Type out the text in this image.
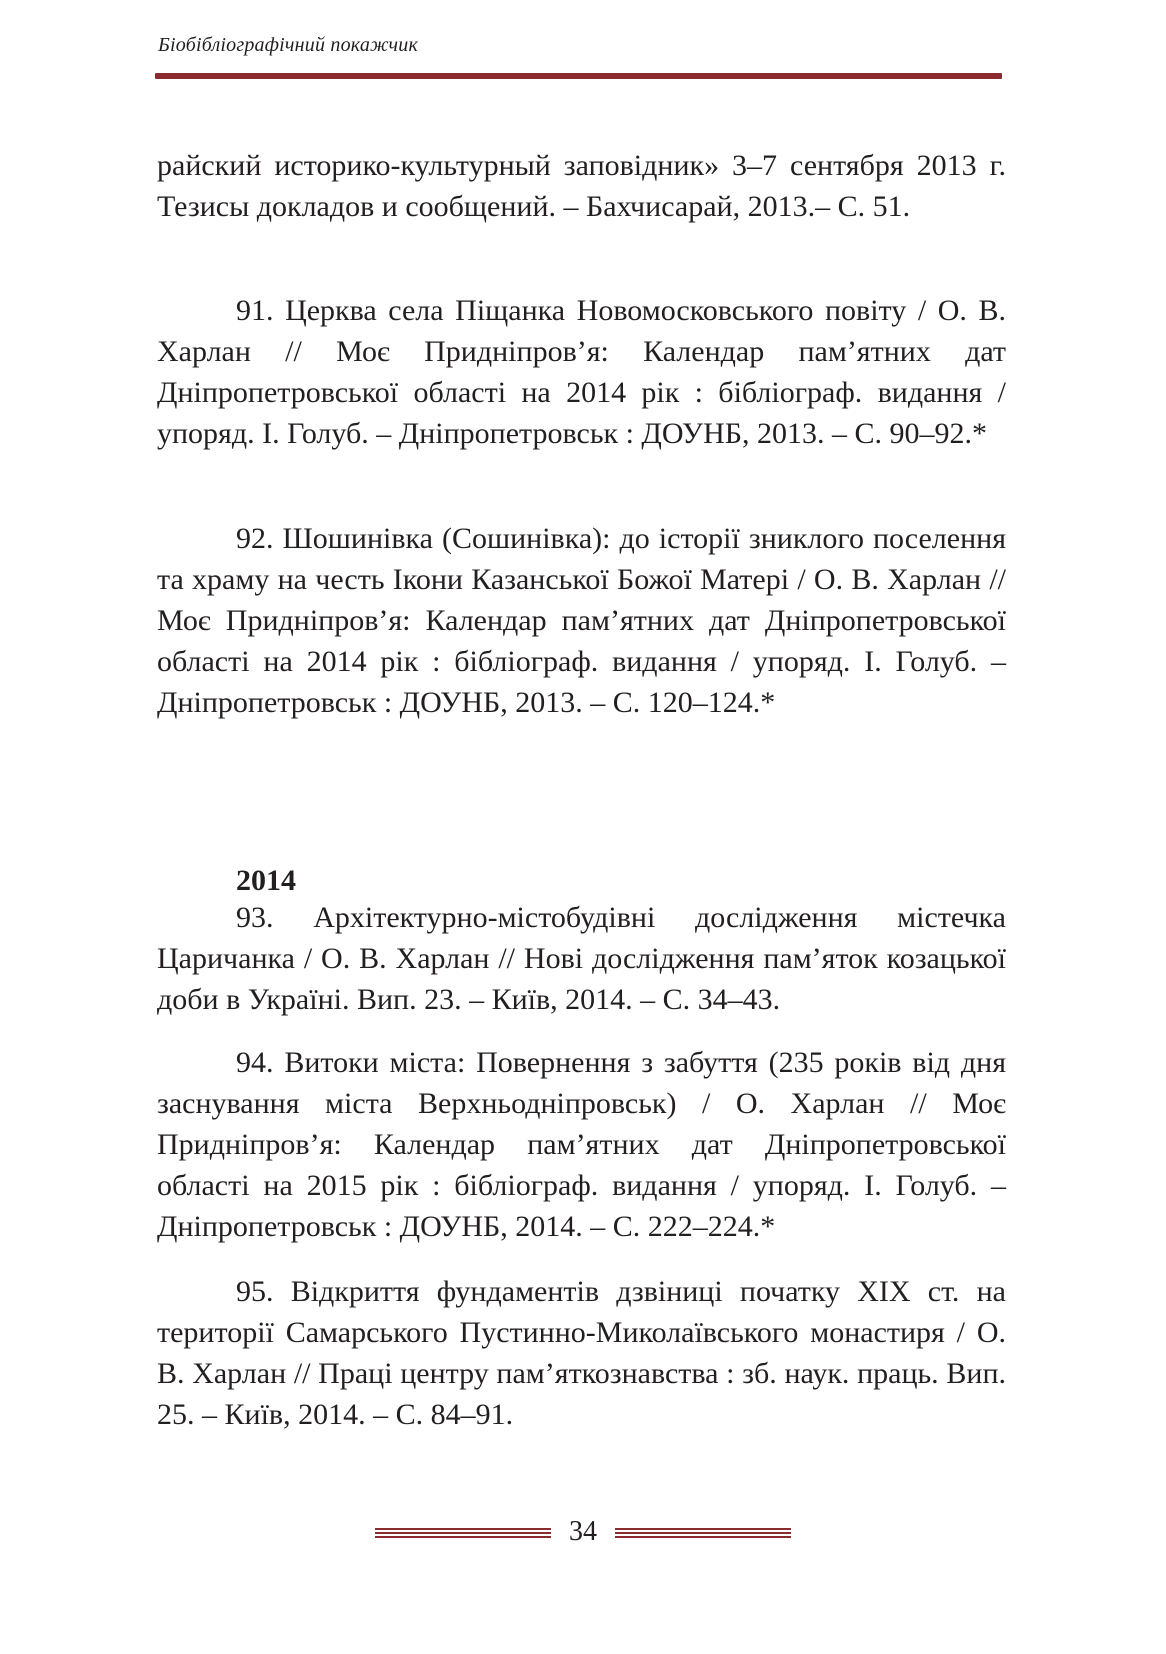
Біобібліографічний покажчик

райский историко-культурный заповідник» 3–7 сентября 2013 г. Тезисы докладов и сообщений. – Бахчисарай, 2013.– С. 51.

91. Церква села Піщанка Новомосковського повіту / О. В. Харлан // Моє Придніпров’я: Календар пам’ятних дат Дніпропетровської області на 2014 рік : бібліограф. видання / упоряд. І. Голуб. – Дніпропетровськ : ДОУНБ, 2013. – С. 90–92.*

92. Шошинівка (Сошинівка): до історії зниклого поселення та храму на честь Ікони Казанської Божої Матері / О. В. Харлан // Моє Придніпров’я: Календар пам’ятних дат Дніпропетровської області на 2014 рік : бібліограф. видання / упоряд. І. Голуб. – Дніпропетровськ : ДОУНБ, 2013. – С. 120–124.*

2014

93. Архітектурно-містобудівні дослідження містечка Царичанка / О. В. Харлан // Нові дослідження пам’яток козацької доби в Україні. Вип. 23. – Київ, 2014. – С. 34–43.

94. Витоки міста: Повернення з забуття (235 років від дня заснування міста Верхньодніпровськ) / О. Харлан // Моє Придніпров’я: Календар пам’ятних дат Дніпропетровської області на 2015 рік : бібліограф. видання / упоряд. І. Голуб. – Дніпропетровськ : ДОУНБ, 2014. – С. 222–224.*

95. Відкриття фундаментів дзвіниці початку ХІХ ст. на території Самарського Пустинно-Миколаївського монастиря / О. В. Харлан // Праці центру пам’яткознавства : зб. наук. праць. Вип. 25. – Київ, 2014. – С. 84–91.

34
